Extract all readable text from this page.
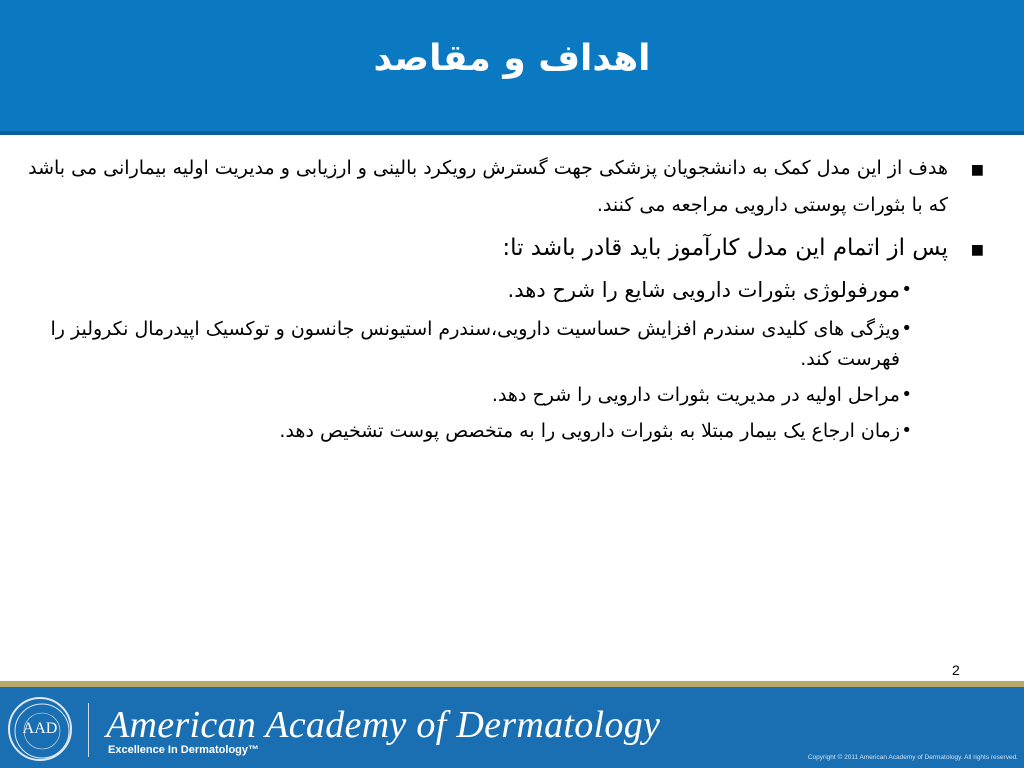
اهداف و مقاصد
■
هدف از این مدل کمک به دانشجویان پزشکی جهت گسترش رویکرد بالینی و ارزیابی و مدیریت اولیه بیمارانی می باشد که با بثورات پوستی دارویی مراجعه می کنند.
■
پس از اتمام این مدل کارآموز باید قادر باشد تا:
•
مورفولوژی بثورات دارویی شایع را شرح دهد.
•
ویژگی های کلیدی سندرم افزایش حساسیت دارویی،سندرم استیونس جانسون و توکسیک اپیدرمال نکرولیز را فهرست کند.
•
مراحل اولیه در مدیریت بثورات دارویی را شرح دهد.
•
زمان ارجاع یک بیمار مبتلا به بثورات دارویی را به متخصص پوست تشخیص دهد.
2
AAD American Academy of Dermatology
Excellence In Dermatology™
Copyright © 2011 American Academy of Dermatology. All rights reserved.
